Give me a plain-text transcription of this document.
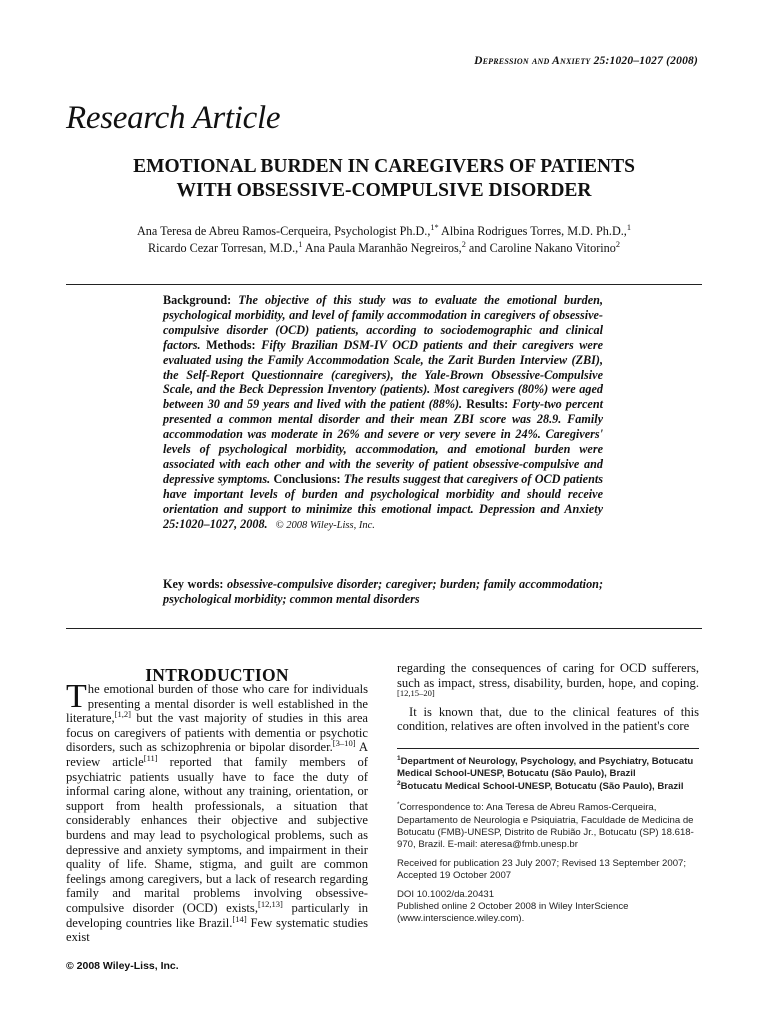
Depression and Anxiety 25:1020–1027 (2008)
Research Article
EMOTIONAL BURDEN IN CAREGIVERS OF PATIENTS
WITH OBSESSIVE-COMPULSIVE DISORDER
Ana Teresa de Abreu Ramos-Cerqueira, Psychologist Ph.D.,$^{1*}$ Albina Rodrigues Torres, M.D. Ph.D.,$^1$
Ricardo Cezar Torresan, M.D.,$^1$ Ana Paula Maranhão Negreiros,$^2$ and Caroline Nakano Vitorino$^2$
Background: The objective of this study was to evaluate the emotional burden, psychological morbidity, and level of family accommodation in caregivers of obsessive-compulsive disorder (OCD) patients, according to sociodemographic and clinical factors. Methods: Fifty Brazilian DSM-IV OCD patients and their caregivers were evaluated using the Family Accommodation Scale, the Zarit Burden Interview (ZBI), the Self-Report Questionnaire (caregivers), the Yale-Brown Obsessive-Compulsive Scale, and the Beck Depression Inventory (patients). Most caregivers (80%) were aged between 30 and 59 years and lived with the patient (88%). Results: Forty-two percent presented a common mental disorder and their mean ZBI score was 28.9. Family accommodation was moderate in 26% and severe or very severe in 24%. Caregivers' levels of psychological morbidity, accommodation, and emotional burden were associated with each other and with the severity of patient obsessive-compulsive and depressive symptoms. Conclusions: The results suggest that caregivers of OCD patients have important levels of burden and psychological morbidity and should receive orientation and support to minimize this emotional impact. Depression and Anxiety 25:1020–1027, 2008. © 2008 Wiley-Liss, Inc.
Key words: obsessive-compulsive disorder; caregiver; burden; family accommodation; psychological morbidity; common mental disorders
INTRODUCTION

The emotional burden of those who care for individuals presenting a mental disorder is well established in the literature,[1,2] but the vast majority of studies in this area focus on caregivers of patients with dementia or psychotic disorders, such as schizophrenia or bipolar disorder.[3–10] A review article[11] reported that family members of psychiatric patients usually have to face the duty of informal caring alone, without any training, orientation, or support from health professionals, a situation that considerably enhances their objective and subjective burdens and may lead to psychological problems, such as depressive and anxiety symptoms, and impairment in their quality of life. Shame, stigma, and guilt are common feelings among caregivers, but a lack of research regarding family and marital problems involving obsessive-compulsive disorder (OCD) exists,[12,13] particularly in developing countries like Brazil.[14] Few systematic studies exist

regarding the consequences of caring for OCD sufferers, such as impact, stress, disability, burden, hope, and coping.[12,15–20]

It is known that, due to the clinical features of this condition, relatives are often involved in the patient's core

$^1$Department of Neurology, Psychology, and Psychiatry, Botucatu Medical School-UNESP, Botucatu (São Paulo), Brazil

$^2$Botucatu Medical School-UNESP, Botucatu (São Paulo), Brazil

*Correspondence to: Ana Teresa de Abreu Ramos-Cerqueira, Departamento de Neurologia e Psiquiatria, Faculdade de Medicina de Botucatu (FMB)-UNESP, Distrito de Rubião Jr., Botucatu (SP) 18.618-970, Brazil. E-mail: ateresa@fmb.unesp.br

Received for publication 23 July 2007; Revised 13 September 2007; Accepted 19 October 2007

DOI 10.1002/da.20431

Published online 2 October 2008 in Wiley InterScience (www.interscience.wiley.com).

© 2008 Wiley-Liss, Inc.
